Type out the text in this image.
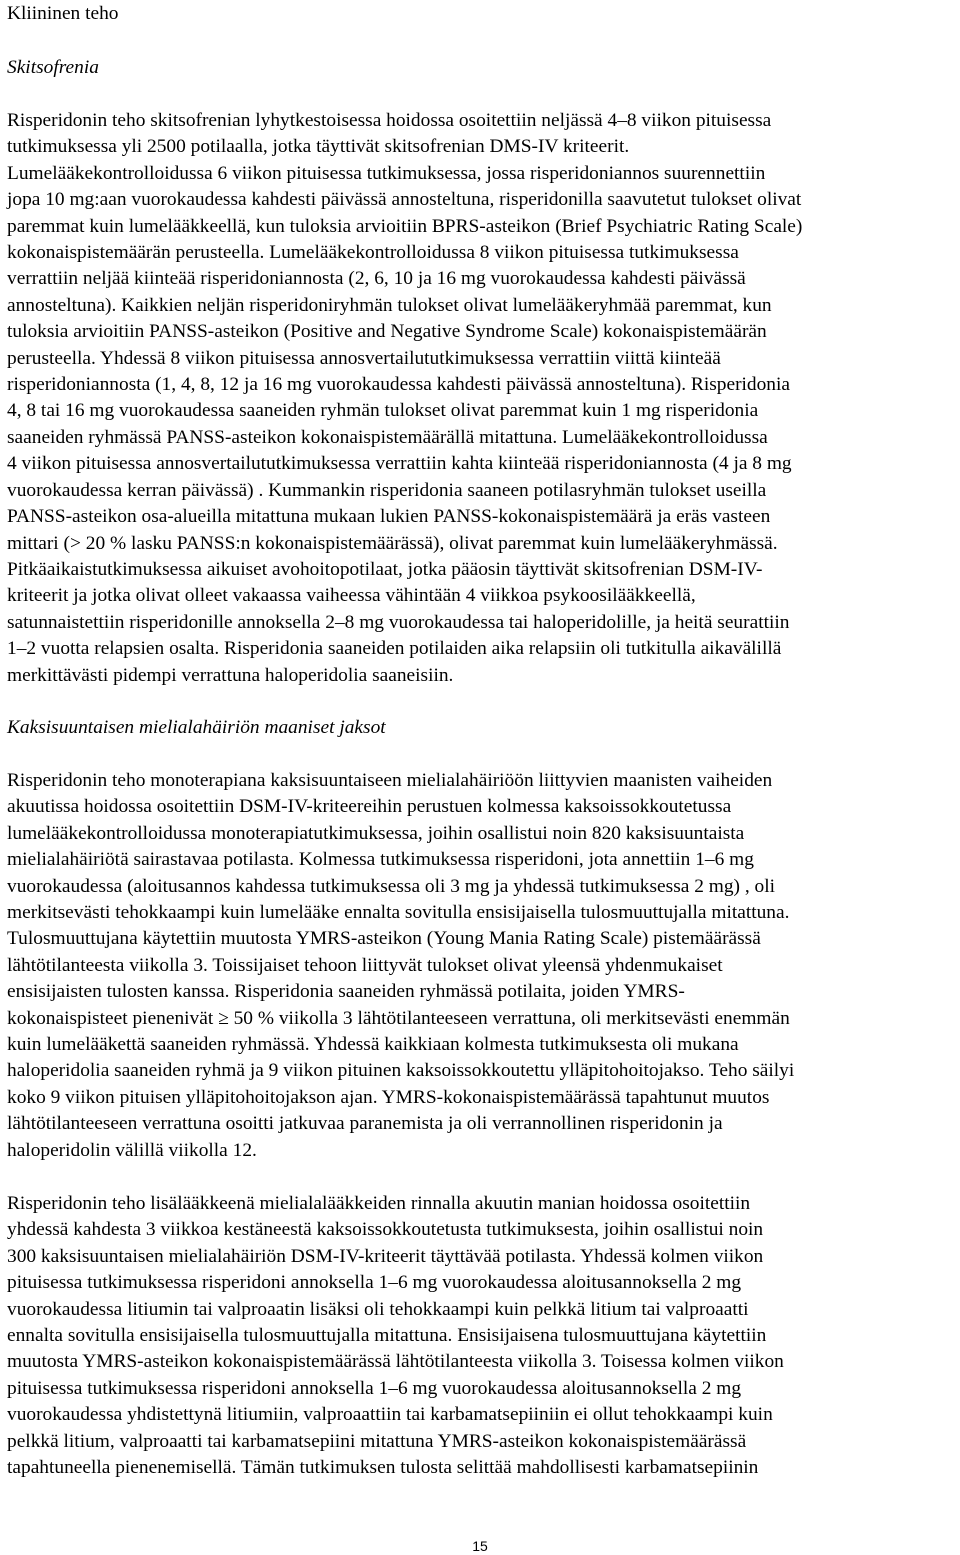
Kliininen teho
Skitsofrenia
Risperidonin teho skitsofrenian lyhytkestoisessa hoidossa osoitettiin neljässä 4–8 viikon pituisessa
tutkimuksessa yli 2500 potilaalla, jotka täyttivät skitsofrenian DMS-IV kriteerit.
Lumelääkekontrolloidussa 6 viikon pituisessa tutkimuksessa, jossa risperidoniannos suurennettiin
jopa 10 mg:aan vuorokaudessa kahdesti päivässä annosteltuna, risperidonilla saavutetut tulokset olivat
paremmat kuin lumelääkkeellä, kun tuloksia arvioitiin BPRS-asteikon (Brief Psychiatric Rating Scale)
kokonaispistemäärän perusteella. Lumelääkekontrolloidussa 8 viikon pituisessa tutkimuksessa
verrattiin neljää kiinteää risperidoniannosta (2, 6, 10 ja 16 mg vuorokaudessa kahdesti päivässä
annosteltuna). Kaikkien neljän risperidoniryhmän tulokset olivat lumelääkeryhmää paremmat, kun
tuloksia arvioitiin PANSS-asteikon (Positive and Negative Syndrome Scale) kokonaispistemäärän
perusteella. Yhdessä 8 viikon pituisessa annosvertailututkimuksessa verrattiin viittä kiinteää
risperidoniannosta (1, 4, 8, 12 ja 16 mg vuorokaudessa kahdesti päivässä annosteltuna). Risperidonia
4, 8 tai 16 mg vuorokaudessa saaneiden ryhmän tulokset olivat paremmat kuin 1 mg risperidonia
saaneiden ryhmässä PANSS-asteikon kokonaispistemäärällä mitattuna. Lumelääkekontrolloidussa
4 viikon pituisessa annosvertailututkimuksessa verrattiin kahta kiinteää risperidoniannosta (4 ja 8 mg
vuorokaudessa kerran päivässä) . Kummankin risperidonia saaneen potilasryhmän tulokset useilla
PANSS-asteikon osa-alueilla mitattuna mukaan lukien PANSS-kokonaispistemäärä ja eräs vasteen
mittari (> 20 % lasku PANSS:n kokonaispistemäärässä), olivat paremmat kuin lumelääkeryhmässä.
Pitkäaikaistutkimuksessa aikuiset avohoitopotilaat, jotka pääosin täyttivät skitsofrenian DSM-IV-
kriteerit ja jotka olivat olleet vakaassa vaiheessa vähintään 4 viikkoa psykoosilääkkeellä,
satunnaistettiin risperidonille annoksella 2–8 mg vuorokaudessa tai haloperidolille, ja heitä seurattiin
1–2 vuotta relapsien osalta. Risperidonia saaneiden potilaiden aika relapsiin oli tutkitulla aikavälillä
merkittävästi pidempi verrattuna haloperidolia saaneisiin.
Kaksisuuntaisen mielialahäiriön maaniset jaksot
Risperidonin teho monoterapiana kaksisuuntaiseen mielialahäiriöön liittyvien maanisten vaiheiden
akuutissa hoidossa osoitettiin DSM-IV-kriteereihin perustuen kolmessa kaksoissokkoutetussa
lumelääkekontrolloidussa monoterapiatutkimuksessa, joihin osallistui noin 820 kaksisuuntaista
mielialahäiriötä sairastavaa potilasta. Kolmessa tutkimuksessa risperidoni, jota annettiin 1–6 mg
vuorokaudessa (aloitusannos kahdessa tutkimuksessa oli 3 mg ja yhdessä tutkimuksessa 2 mg) , oli
merkitsevästi tehokkaampi kuin lumelääke ennalta sovitulla ensisijaisella tulosmuuttujalla mitattuna.
Tulosmuuttujana käytettiin muutosta YMRS-asteikon (Young Mania Rating Scale) pistemäärässä
lähtötilanteesta viikolla 3. Toissijaiset tehoon liittyvät tulokset olivat yleensä yhdenmukaiset
ensisijaisten tulosten kanssa. Risperidonia saaneiden ryhmässä potilaita, joiden YMRS-
kokonaispisteet pienenivät ≥ 50 % viikolla 3 lähtötilanteeseen verrattuna, oli merkitsevästi enemmän
kuin lumelääkettä saaneiden ryhmässä. Yhdessä kaikkiaan kolmesta tutkimuksesta oli mukana
haloperidolia saaneiden ryhmä ja 9 viikon pituinen kaksoissokkoutettu ylläpitohoitojakso. Teho säilyi
koko 9 viikon pituisen ylläpitohoitojakson ajan. YMRS-kokonaispistemäärässä tapahtunut muutos
lähtötilanteeseen verrattuna osoitti jatkuvaa paranemista ja oli verrannollinen risperidonin ja
haloperidolin välillä viikolla 12.
Risperidonin teho lisälääkkeenä mielialalääkkeiden rinnalla akuutin manian hoidossa osoitettiin
yhdessä kahdesta 3 viikkoa kestäneestä kaksoissokkoutetusta tutkimuksesta, joihin osallistui noin
300 kaksisuuntaisen mielialahäiriön DSM-IV-kriteerit täyttävää potilasta. Yhdessä kolmen viikon
pituisessa tutkimuksessa risperidoni annoksella 1–6 mg vuorokaudessa aloitusannoksella 2 mg
vuorokaudessa litiumin tai valproaatin lisäksi oli tehokkaampi kuin pelkkä litium tai valproaatti
ennalta sovitulla ensisijaisella tulosmuuttujalla mitattuna. Ensisijaisena tulosmuuttujana käytettiin
muutosta YMRS-asteikon kokonaispistemäärässä lähtötilanteesta viikolla 3. Toisessa kolmen viikon
pituisessa tutkimuksessa risperidoni annoksella 1–6 mg vuorokaudessa aloitusannoksella 2 mg
vuorokaudessa yhdistettynä litiumiin, valproaattiin tai karbamatsepiiniin ei ollut tehokkaampi kuin
pelkkä litium, valproaatti tai karbamatsepiini mitattuna YMRS-asteikon kokonaispistemäärässä
tapahtuneella pienenemisellä. Tämän tutkimuksen tulosta selittää mahdollisesti karbamatsepiinin
15
